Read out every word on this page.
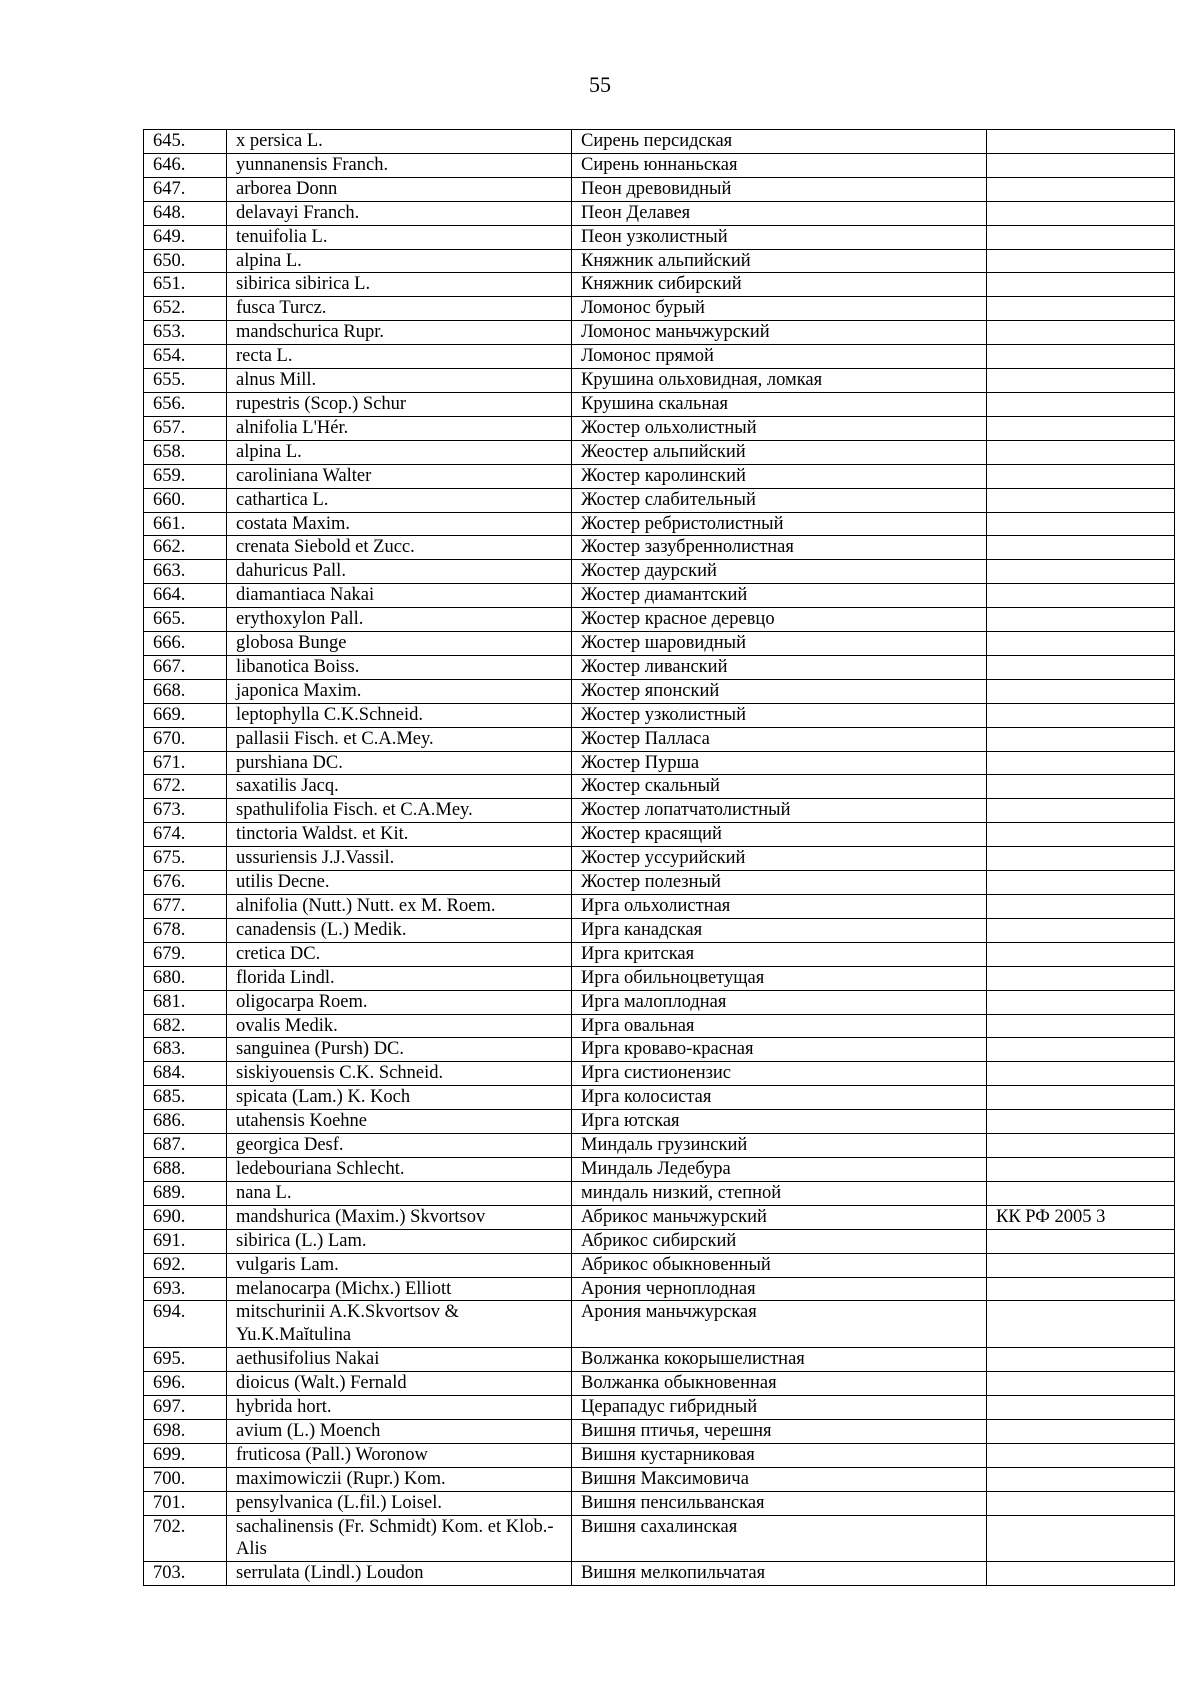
55
645.	x persica L.	Сирень персидская	
646.	yunnanensis Franch.	Сирень юннаньская	
647.	arborea Donn	Пеон древовидный	
648.	delavayi Franch.	Пеон Делавея	
649.	tenuifolia L.	Пеон узколистный	
650.	alpina L.	Княжник альпийский	
651.	sibirica sibirica L.	Княжник сибирский	
652.	fusca Turcz.	Ломонос бурый	
653.	mandschurica Rupr.	Ломонос маньчжурский	
654.	recta L.	Ломонос прямой	
655.	alnus Mill.	Крушина ольховидная, ломкая	
656.	rupestris (Scop.) Schur	Крушина скальная	
657.	alnifolia L'Hér.	Жостер ольхолистный	
658.	alpina L.	Жеостер альпийский	
659.	caroliniana Walter	Жостер каролинский	
660.	cathartica L.	Жостер слабительный	
661.	costata Maxim.	Жостер ребристолистный	
662.	crenata Siebold et Zucc.	Жостер зазубреннолистная	
663.	dahuricus Pall.	Жостер даурский	
664.	diamantiaca Nakai	Жостер диамантский	
665.	erythoxylon Pall.	Жостер красное деревцо	
666.	globosa Bunge	Жостер шаровидный	
667.	libanotica Boiss.	Жостер ливанский	
668.	japonica Maxim.	Жостер японский	
669.	leptophylla C.K.Schneid.	Жостер узколистный	
670.	pallasii Fisch. et C.A.Mey.	Жостер Палласа	
671.	purshiana DC.	Жостер Пурша	
672.	saxatilis Jacq.	Жостер скальный	
673.	spathulifolia Fisch. et C.A.Mey.	Жостер лопатчатолистный	
674.	tinctoria Waldst. et Kit.	Жостер красящий	
675.	ussuriensis J.J.Vassil.	Жостер уссурийский	
676.	utilis Decne.	Жостер полезный	
677.	alnifolia (Nutt.) Nutt. ex M. Roem.	Ирга ольхолистная	
678.	canadensis (L.) Medik.	Ирга канадская	
679.	cretica DC.	Ирга критская	
680.	florida Lindl.	Ирга обильноцветущая	
681.	oligocarpa Roem.	Ирга малоплодная	
682.	ovalis Medik.	Ирга овальная	
683.	sanguinea (Pursh) DC.	Ирга кроваво-красная	
684.	siskiyouensis C.K. Schneid.	Ирга систионензис	
685.	spicata (Lam.) K. Koch	Ирга колосистая	
686.	utahensis Koehne	Ирга ютская	
687.	georgica Desf.	Миндаль грузинский	
688.	ledebouriana Schlecht.	Миндаль Ледебура	
689.	nana L.	миндаль низкий, степной	
690.	mandshurica (Maxim.) Skvortsov	Абрикос маньчжурский	КК РФ 2005 3
691.	sibirica (L.) Lam.	Абрикос сибирский	
692.	vulgaris Lam.	Абрикос обыкновенный	
693.	melanocarpa (Michx.) Elliott	Арония черноплодная	
694.	mitschurinii A.K.Skvortsov & Yu.K.Maĭtulina	Арония маньчжурская	
695.	aethusifolius Nakai	Волжанка кокорышелистная	
696.	dioicus (Walt.) Fernald	Волжанка обыкновенная	
697.	hybrida hort.	Церападус гибридный	
698.	avium (L.) Moench	Вишня птичья, черешня	
699.	fruticosa (Pall.) Woronow	Вишня кустарниковая	
700.	maximowiczii (Rupr.) Kom.	Вишня Максимовича	
701.	pensylvanica (L.fil.) Loisel.	Вишня пенсильванская	
702.	sachalinensis (Fr. Schmidt) Kom. et Klob.-Alis	Вишня сахалинская	
703.	serrulata (Lindl.) Loudon	Вишня мелкопильчатая	
